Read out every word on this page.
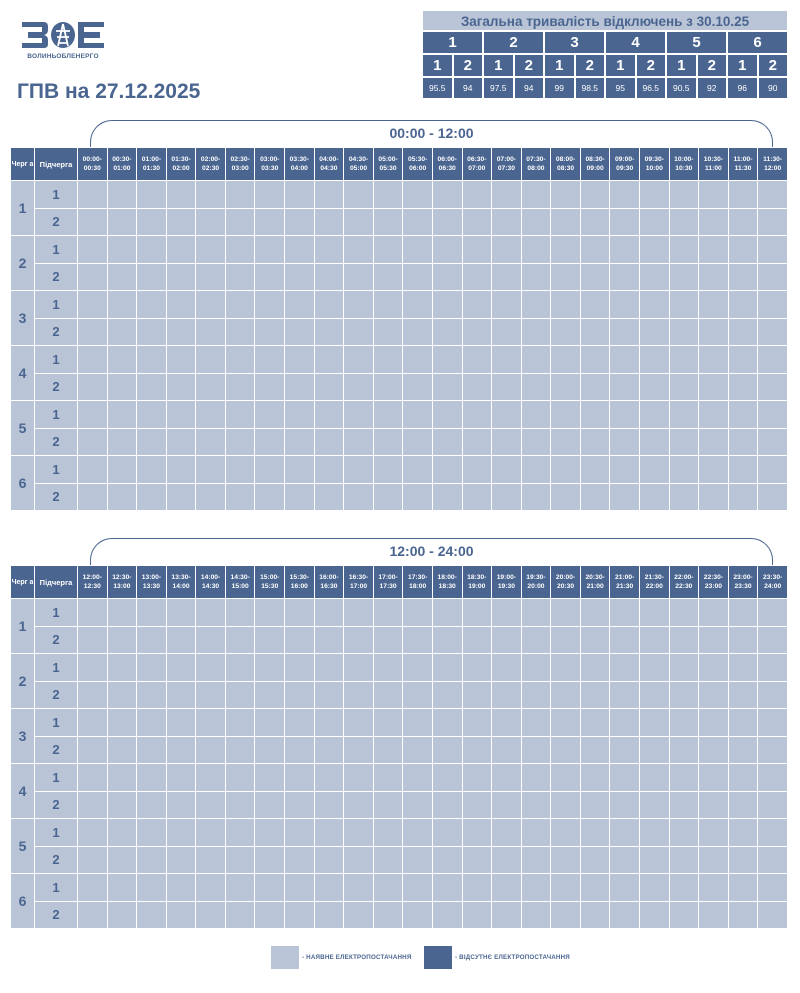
ВОЛИНЬОБЛЕНЕРГО
ГПВ на 27.12.2025
Загальна тривалість відключень з 30.10.25
1	2	3	4	5	6
1	2	1	2	1	2	1	2	1	2	1	2
95.5	94	97.5	94	99	98.5	95	96.5	90.5	92	96	90
00:00 - 12:00
Черг а	Підчерга	00:00- 00:30	00:30- 01:00	01:00- 01:30	01:30- 02:00	02:00- 02:30	02:30- 03:00	03:00- 03:30	03:30- 04:00	04:00- 04:30	04:30- 05:00	05:00- 05:30	05:30- 06:00	06:00- 06:30	06:30- 07:00	07:00- 07:30	07:30- 08:00	08:00- 08:30	08:30- 09:00	09:00- 09:30	09:30- 10:00	10:00- 10:30	10:30- 11:00	11:00- 11:30	11:30- 12:00
1	1																								
	2																								
2	1																								
	2																								
3	1																								
	2																								
4	1																								
	2																								
5	1																								
	2																								
6	1																								
	2																								
12:00 - 24:00
Черг а	Підчерга	12:00- 12:30	12:30- 13:00	13:00- 13:30	13:30- 14:00	14:00- 14:30	14:30- 15:00	15:00- 15:30	15:30- 16:00	16:00- 16:30	16:30- 17:00	17:00- 17:30	17:30- 18:00	18:00- 18:30	18:30- 19:00	19:00- 19:30	19:30- 20:00	20:00- 20:30	20:30- 21:00	21:00- 21:30	21:30- 22:00	22:00- 22:30	22:30- 23:00	23:00- 23:30	23:30- 24:00
1	1																								
	2																								
2	1																								
	2																								
3	1																								
	2																								
4	1																								
	2																								
5	1																								
	2																								
6	1																								
	2																								
- НАЯВНЕ ЕЛЕКТРОПОСТАЧАННЯ	- ВІДСУТНЄ ЕЛЕКТРОПОСТАЧАННЯ
